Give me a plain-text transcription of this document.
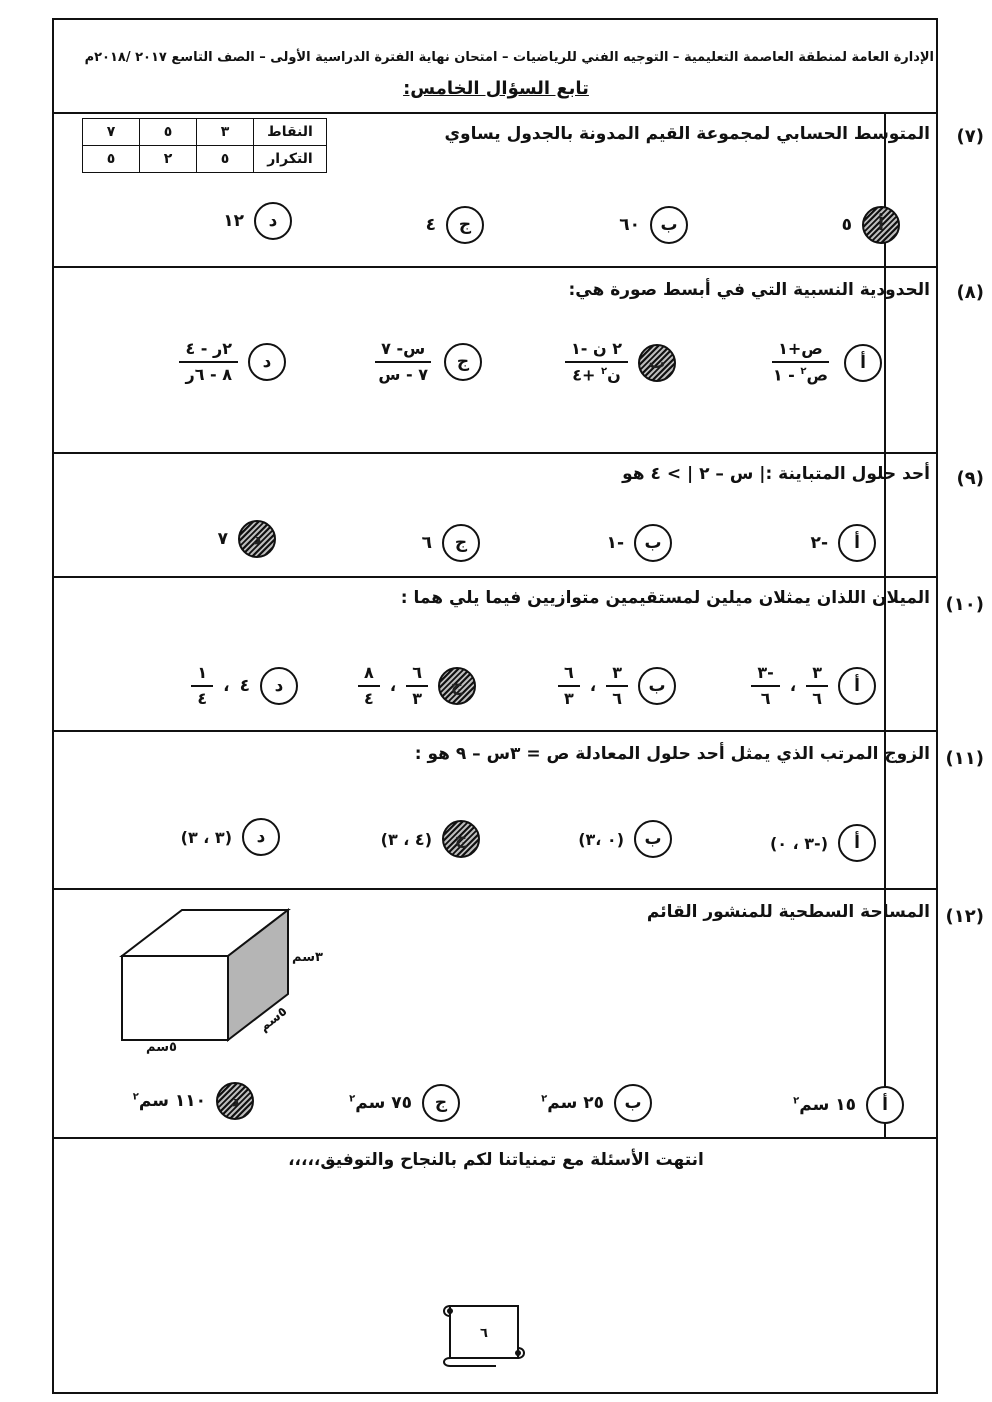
الإدارة العامة لمنطقة العاصمة التعليمية – التوجيه الفني للرياضيات – امتحان نهاية الفترة الدراسية الأولى – الصف التاسع ٢٠١٧ /٢٠١٨م
تابع السؤال الخامس:
(٧)
المتوسط الحسابي لمجموعة القيم المدونة بالجدول يساوي
النقاط	٣	٥	٧
التكرار	٥	٢	٥
أ
٥
ب
٦٠
ج
٤
د
١٢
(٨)
الحدودية النسبية التي في أبسط صورة هي:
أ
$\frac{\text{ص+١}}{ص^٢ - ١}$
ب
$\frac{\text{٢ ن -١}}{ن^٢ +٤}$
ج
$\frac{\text{س- ٧}}{\text{٧ - س}}$
د
$\frac{\text{٢ر - ٤}}{\text{٨ - ٦ر}}$
(٩)
أحد حلول المتباينة :| س – ٢ | > ٤ هو
أ
-٢
ب
-١
ج
٦
د
٧
(١٠)
الميلان اللذان يمثلان ميلين لمستقيمين متوازيين فيما يلي هما :
أ
$\frac{٣}{٦}$
،
$\frac{-٣}{٦}$
ب
$\frac{٣}{٦}$
،
$\frac{٦}{٣}$
ج
$\frac{٦}{٣}$
،
$\frac{٨}{٤}$
د
٤
،
$\frac{١}{٤}$
(١١)
الزوج المرتب الذي يمثل أحد حلول المعادلة ص = ٣س – ٩ هو :
أ
(-٣ ، ٠)
ب
(٠ ،٣)
ج
(٤ ، ٣)
د
(٣ ، ٣)
(١٢)
المساحة السطحية للمنشور القائم
٣سم
٥سم
٥سم
أ
١٥ سم$^٢$
ب
٢٥ سم$^٢$
ج
٧٥ سم$^٢$
د
١١٠ سم$^٢$
انتهت الأسئلة مع تمنياتنا لكم بالنجاح والتوفيق،،،،،
٦
